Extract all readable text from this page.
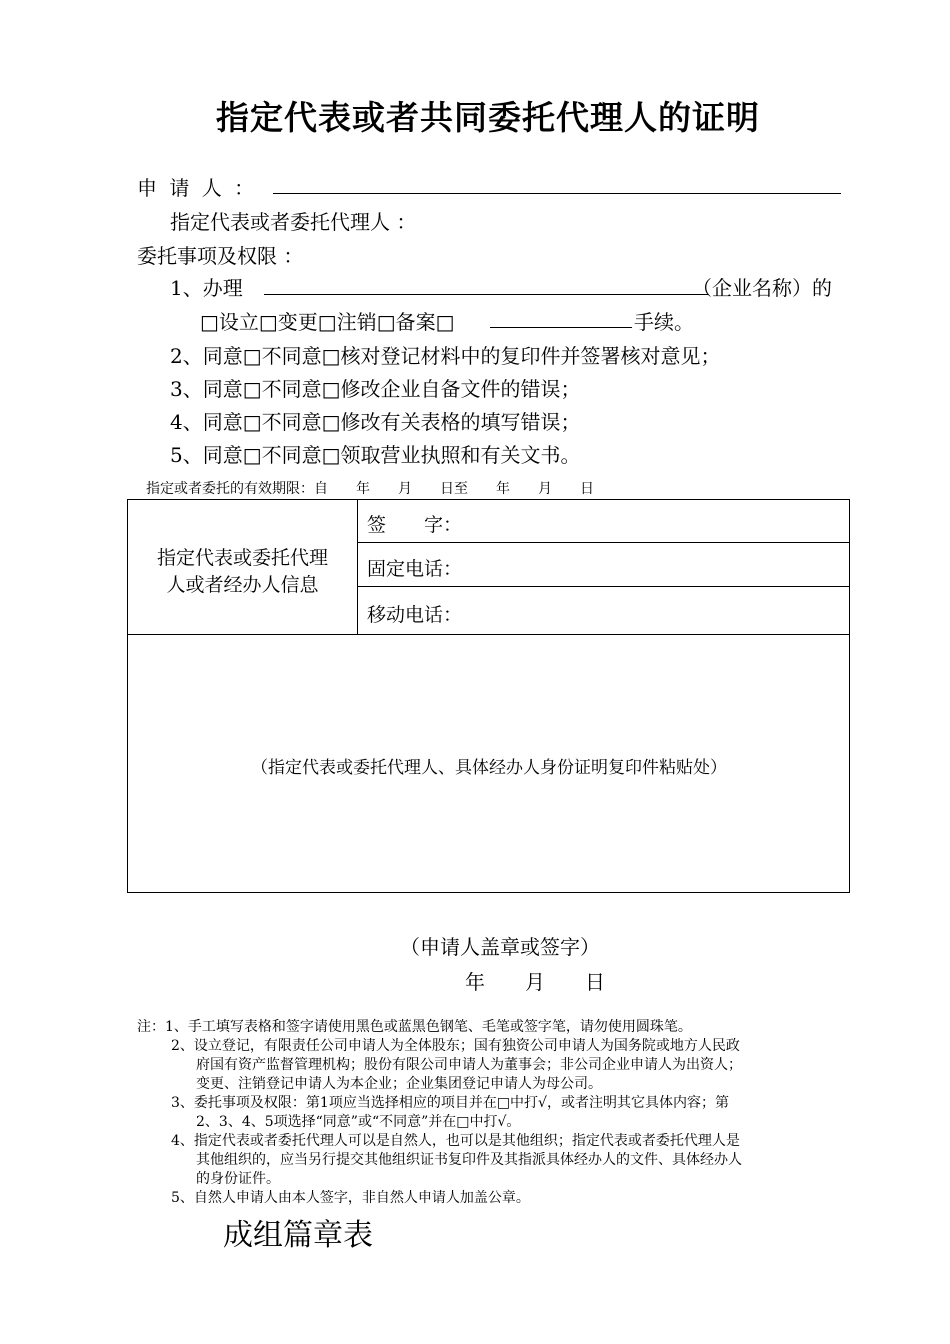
指定代表或者共同委托代理人的证明
申 请 人 ：
指定代表或者委托代理人 ：
委托事项及权限 ：
1、办理	（企业名称）的
□设立□变更□注销□备案□	手续。
2、同意□不同意□核对登记材料中的复印件并签署核对意见；
3、同意□不同意□修改企业自备文件的错误；
4、同意□不同意□修改有关表格的填写错误；
5、同意□不同意□领取营业执照和有关文书。
指定或者委托的有效期限：自　　年　　月　　日至　　年　　月　　日
指定代表或委托代理
人或者经办人信息
签　　字：
固定电话：
移动电话：
（指定代表或委托代理人、具体经办人身份证明复印件粘贴处）
（申请人盖章或签字）
年　　月　　日
注：1、手工填写表格和签字请使用黑色或蓝黑色钢笔、毛笔或签字笔，请勿使用圆珠笔。
2、设立登记，有限责任公司申请人为全体股东；国有独资公司申请人为国务院或地方人民政
府国有资产监督管理机构；股份有限公司申请人为董事会；非公司企业申请人为出资人；
变更、注销登记申请人为本企业；企业集团登记申请人为母公司。
3、委托事项及权限：第1项应当选择相应的项目并在□中打√，或者注明其它具体内容；第
2、3、4、5项选择“同意”或“不同意”并在□中打√。
4、指定代表或者委托代理人可以是自然人，也可以是其他组织；指定代表或者委托代理人是
其他组织的，应当另行提交其他组织证书复印件及其指派具体经办人的文件、具体经办人
的身份证件。
5、自然人申请人由本人签字，非自然人申请人加盖公章。
成组篇章表
